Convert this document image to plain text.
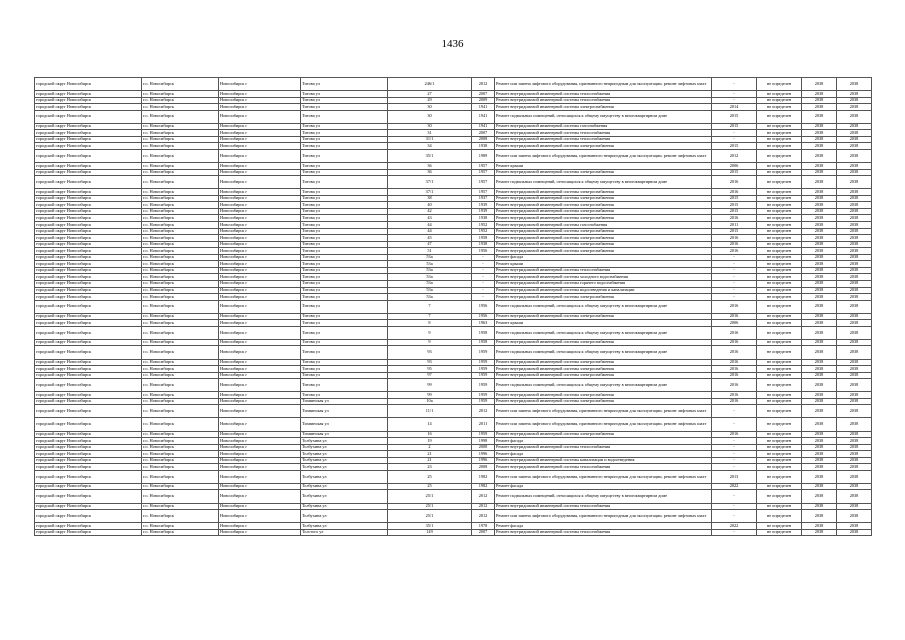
1436
городской округ Новосибирск	г.о. Новосибирск	Новосибирск г	Титова ул	246/1	2012	Ремонт или замена лифтового оборудования, признанного непригодным для эксплуатации, ремонт лифтовых шахт	-	не определен	2038	2038
городской округ Новосибирск	г.о. Новосибирск	Новосибирск г	Титова ул	27	2007	Ремонт внутридомовой инженерной системы теплоснабжения	-	не определен	2038	2038
городской округ Новосибирск	г.о. Новосибирск	Новосибирск г	Титова ул	29	2009	Ремонт внутридомовой инженерной системы теплоснабжения	-	не определен	2038	2038
городской округ Новосибирск	г.о. Новосибирск	Новосибирск г	Титова ул	30	1941	Ремонт внутридомовой инженерной системы электроснабжения	2014	не определен	2038	2038
городской округ Новосибирск	г.о. Новосибирск	Новосибирск г	Титова ул	30	1941	Ремонт подвальных помещений, относящихся к общему имуществу в многоквартирном доме	2015	не определен	2038	2038
городской округ Новосибирск	г.о. Новосибирск	Новосибирск г	Титова ул	30	1941	Ремонт внутридомовой инженерной системы газоснабжения	2015	не определен	2038	2038
городской округ Новосибирск	г.о. Новосибирск	Новосибирск г	Титова ул	31	2007	Ремонт внутридомовой инженерной системы теплоснабжения	-	не определен	2038	2038
городской округ Новосибирск	г.о. Новосибирск	Новосибирск г	Титова ул	31/1	2008	Ремонт внутридомовой инженерной системы теплоснабжения	-	не определен	2038	2038
городской округ Новосибирск	г.о. Новосибирск	Новосибирск г	Титова ул	34	1938	Ремонт внутридомовой инженерной системы электроснабжения	2015	не определен	2038	2038
городской округ Новосибирск	г.о. Новосибирск	Новосибирск г	Титова ул	35/1	1989	Ремонт или замена лифтового оборудования, признанного непригодным для эксплуатации, ремонт лифтовых шахт	2012	не определен	2038	2038
городской округ Новосибирск	г.о. Новосибирск	Новосибирск г	Титова ул	36	1957	Ремонт крыши	2006	не определен	2038	2038
городской округ Новосибирск	г.о. Новосибирск	Новосибирск г	Титова ул	36	1957	Ремонт внутридомовой инженерной системы электроснабжения	2015	не определен	2038	2038
городской округ Новосибирск	г.о. Новосибирск	Новосибирск г	Титова ул	37/1	1957	Ремонт подвальных помещений, относящихся к общему имуществу в многоквартирном доме	2016	не определен	2038	2038
городской округ Новосибирск	г.о. Новосибирск	Новосибирск г	Титова ул	37/1	1957	Ремонт внутридомовой инженерной системы электроснабжения	2016	не определен	2038	2038
городской округ Новосибирск	г.о. Новосибирск	Новосибирск г	Титова ул	38	1937	Ремонт внутридомовой инженерной системы электроснабжения	2015	не определен	2038	2038
городской округ Новосибирск	г.о. Новосибирск	Новосибирск г	Титова ул	40	1939	Ремонт внутридомовой инженерной системы электроснабжения	2015	не определен	2038	2038
городской округ Новосибирск	г.о. Новосибирск	Новосибирск г	Титова ул	42	1939	Ремонт внутридомовой инженерной системы электроснабжения	2015	не определен	2038	2038
городской округ Новосибирск	г.о. Новосибирск	Новосибирск г	Титова ул	43	1938	Ремонт внутридомовой инженерной системы электроснабжения	2016	не определен	2038	2038
городской округ Новосибирск	г.о. Новосибирск	Новосибирск г	Титова ул	44	1952	Ремонт внутридомовой инженерной системы газоснабжения	2011	не определен	2038	2038
городской округ Новосибирск	г.о. Новосибирск	Новосибирск г	Титова ул	44	1952	Ремонт внутридомовой инженерной системы электроснабжения	2015	не определен	2038	2038
городской округ Новосибирск	г.о. Новосибирск	Новосибирск г	Титова ул	45	1958	Ремонт внутридомовой инженерной системы электроснабжения	2016	не определен	2038	2038
городской округ Новосибирск	г.о. Новосибирск	Новосибирск г	Титова ул	47	1938	Ремонт внутридомовой инженерной системы электроснабжения	2016	не определен	2038	2038
городской округ Новосибирск	г.о. Новосибирск	Новосибирск г	Титова ул	51	1956	Ремонт внутридомовой инженерной системы электроснабжения	2016	не определен	2038	2038
городской округ Новосибирск	г.о. Новосибирск	Новосибирск г	Титова ул	53а	-	Ремонт фасада	-	не определен	2038	2038
городской округ Новосибирск	г.о. Новосибирск	Новосибирск г	Титова ул	53а	-	Ремонт крыши	-	не определен	2038	2038
городской округ Новосибирск	г.о. Новосибирск	Новосибирск г	Титова ул	53а	-	Ремонт внутридомовой инженерной системы теплоснабжения	-	не определен	2038	2038
городской округ Новосибирск	г.о. Новосибирск	Новосибирск г	Титова ул	53а	-	Ремонт внутридомовой инженерной системы холодного водоснабжения	-	не определен	2038	2038
городской округ Новосибирск	г.о. Новосибирск	Новосибирск г	Титова ул	53а	-	Ремонт внутридомовой инженерной системы горячего водоснабжения	-	не определен	2038	2038
городской округ Новосибирск	г.о. Новосибирск	Новосибирск г	Титова ул	53а	-	Ремонт внутридомовой инженерной системы водоотведения и канализации	-	не определен	2038	2038
городской округ Новосибирск	г.о. Новосибирск	Новосибирск г	Титова ул	53а	-	Ремонт внутридомовой инженерной системы электроснабжения	-	не определен	2038	2038
городской округ Новосибирск	г.о. Новосибирск	Новосибирск г	Титова ул	7	1956	Ремонт подвальных помещений, относящихся к общему имуществу в многоквартирном доме	2016	не определен	2038	2038
городской округ Новосибирск	г.о. Новосибирск	Новосибирск г	Титова ул	7	1956	Ремонт внутридомовой инженерной системы электроснабжения	2016	не определен	2038	2038
городской округ Новосибирск	г.о. Новосибирск	Новосибирск г	Титова ул	8	1963	Ремонт крыши	2006	не определен	2038	2038
городской округ Новосибирск	г.о. Новосибирск	Новосибирск г	Титова ул	9	1958	Ремонт подвальных помещений, относящихся к общему имуществу в многоквартирном доме	2016	не определен	2038	2038
городской округ Новосибирск	г.о. Новосибирск	Новосибирск г	Титова ул	9	1958	Ремонт внутридомовой инженерной системы электроснабжения	2016	не определен	2038	2038
городской округ Новосибирск	г.о. Новосибирск	Новосибирск г	Титова ул	93	1959	Ремонт подвальных помещений, относящихся к общему имуществу в многоквартирном доме	2016	не определен	2038	2038
городской округ Новосибирск	г.о. Новосибирск	Новосибирск г	Титова ул	93	1959	Ремонт внутридомовой инженерной системы электроснабжения	2016	не определен	2038	2038
городской округ Новосибирск	г.о. Новосибирск	Новосибирск г	Титова ул	95	1959	Ремонт внутридомовой инженерной системы электроснабжения	2016	не определен	2038	2038
городской округ Новосибирск	г.о. Новосибирск	Новосибирск г	Титова ул	97	1959	Ремонт внутридомовой инженерной системы электроснабжения	2016	не определен	2038	2038
городской округ Новосибирск	г.о. Новосибирск	Новосибирск г	Титова ул	99	1959	Ремонт подвальных помещений, относящихся к общему имуществу в многоквартирном доме	2016	не определен	2038	2038
городской округ Новосибирск	г.о. Новосибирск	Новосибирск г	Титова ул	99	1959	Ремонт внутридомовой инженерной системы электроснабжения	2016	не определен	2038	2038
городской округ Новосибирск	г.о. Новосибирск	Новосибирск г	Тихвинская ул	10а	1959	Ремонт внутридомовой инженерной системы электроснабжения	2016	не определен	2038	2038
городской округ Новосибирск	г.о. Новосибирск	Новосибирск г	Тихвинская ул	11/1	2012	Ремонт или замена лифтового оборудования, признанного непригодным для эксплуатации, ремонт лифтовых шахт	-	не определен	2038	2038
городской округ Новосибирск	г.о. Новосибирск	Новосибирск г	Тихвинская ул	14	2011	Ремонт или замена лифтового оборудования, признанного непригодным для эксплуатации, ремонт лифтовых шахт	-	не определен	2038	2038
городской округ Новосибирск	г.о. Новосибирск	Новосибирск г	Тихвинская ул	16	1959	Ремонт внутридомовой инженерной системы электроснабжения	2016	не определен	2038	2038
городской округ Новосибирск	г.о. Новосибирск	Новосибирск г	Толбухина ул	19	1998	Ремонт фасада	-	не определен	2038	2038
городской округ Новосибирск	г.о. Новосибирск	Новосибирск г	Толбухина ул	2	2008	Ремонт внутридомовой инженерной системы теплоснабжения	-	не определен	2038	2038
городской округ Новосибирск	г.о. Новосибирск	Новосибирск г	Толбухина ул	21	1996	Ремонт фасада	-	не определен	2038	2038
городской округ Новосибирск	г.о. Новосибирск	Новосибирск г	Толбухина ул	21	1996	Ремонт внутридомовой инженерной системы канализации и водоотведения	-	не определен	2038	2038
городской округ Новосибирск	г.о. Новосибирск	Новосибирск г	Толбухина ул	23	2008	Ремонт внутридомовой инженерной системы теплоснабжения	-	не определен	2038	2038
городской округ Новосибирск	г.о. Новосибирск	Новосибирск г	Толбухина ул	25	1982	Ремонт или замена лифтового оборудования, признанного непригодным для эксплуатации, ремонт лифтовых шахт	2013	не определен	2038	2038
городской округ Новосибирск	г.о. Новосибирск	Новосибирск г	Толбухина ул	25	1982	Ремонт фасада	2022	не определен	2038	2038
городской округ Новосибирск	г.о. Новосибирск	Новосибирск г	Толбухина ул	25/1	2012	Ремонт подвальных помещений, относящихся к общему имуществу в многоквартирном доме	-	не определен	2038	2038
городской округ Новосибирск	г.о. Новосибирск	Новосибирск г	Толбухина ул	25/1	2012	Ремонт внутридомовой инженерной системы теплоснабжения	-	не определен	2038	2038
городской округ Новосибирск	г.о. Новосибирск	Новосибирск г	Толбухина ул	25/1	2012	Ремонт или замена лифтового оборудования, признанного непригодным для эксплуатации, ремонт лифтовых шахт	-	не определен	2038	2038
городской округ Новосибирск	г.о. Новосибирск	Новосибирск г	Толбухина ул	35/1	1978	Ремонт фасада	2022	не определен	2038	2038
городской округ Новосибирск	г.о. Новосибирск	Новосибирск г	Толстого ул	149	2007	Ремонт внутридомовой инженерной системы теплоснабжения	-	не определен	2038	2038
